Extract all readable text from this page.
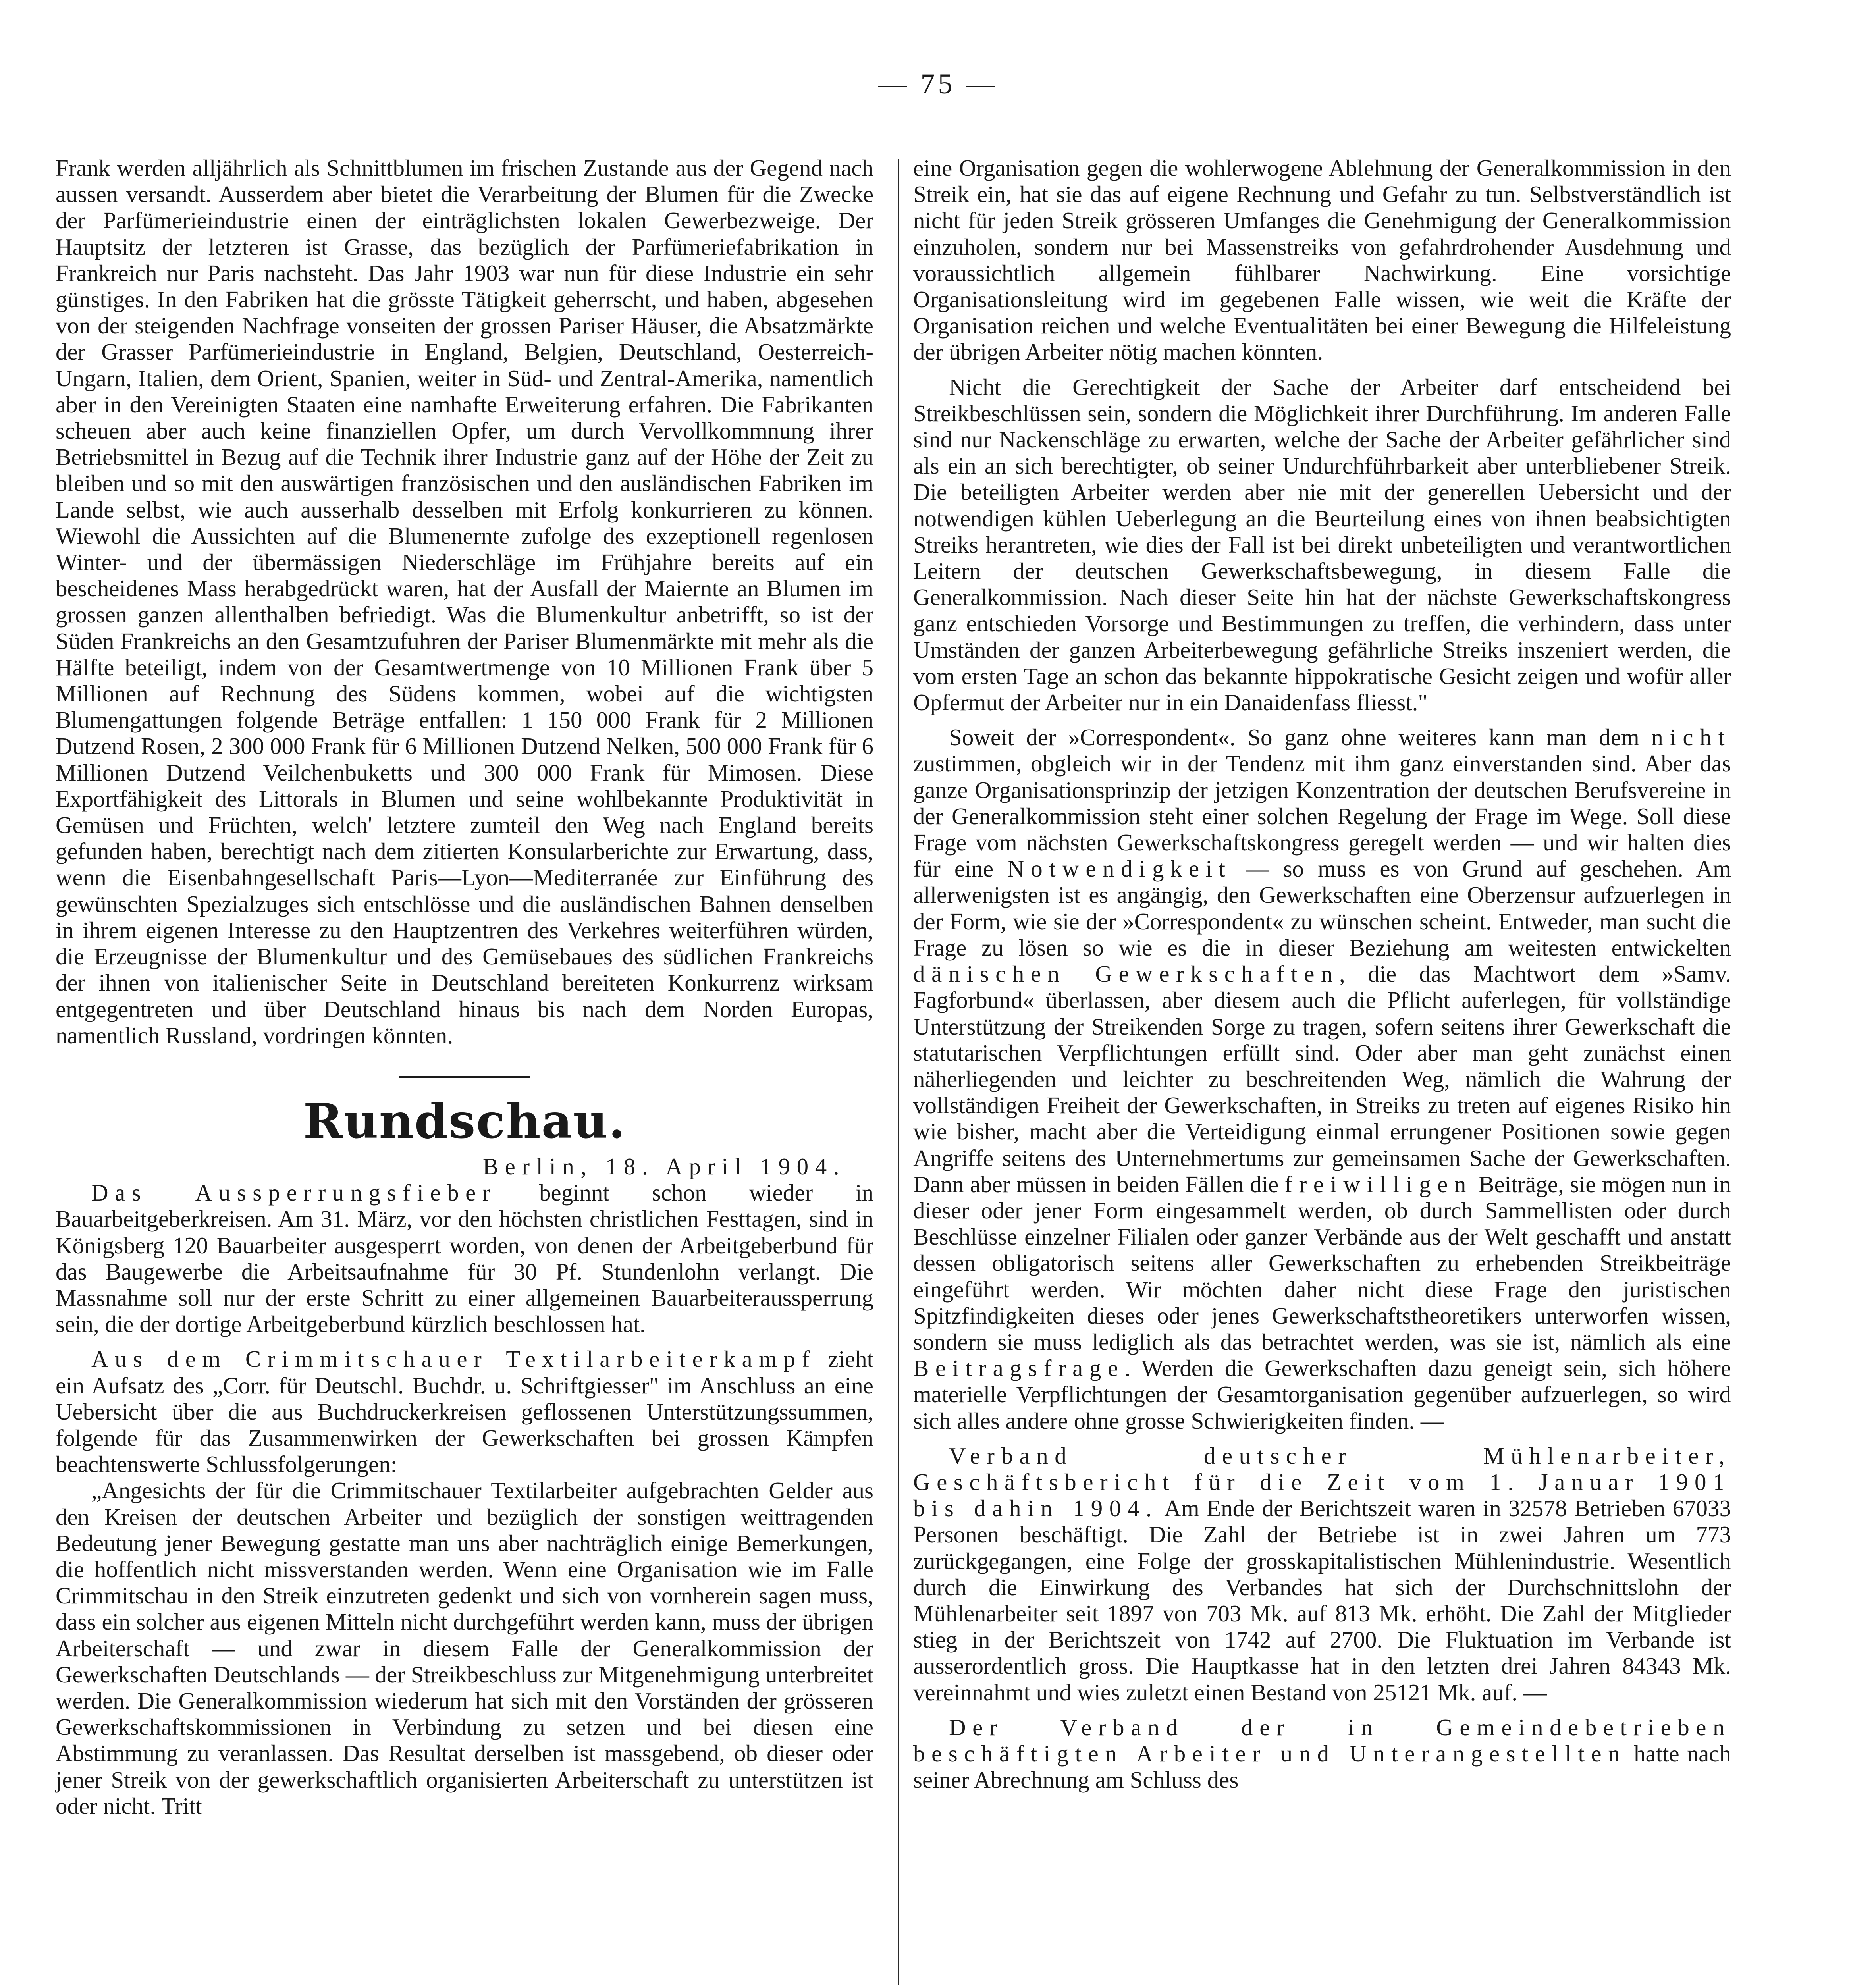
— 75 —

Frank werden alljährlich als Schnittblumen im frischen Zustande aus der Gegend nach aussen versandt. Ausserdem aber bietet die Verarbeitung der Blumen für die Zwecke der Parfümerieindustrie einen der einträglichsten lokalen Gewerbezweige. Der Hauptsitz der letzteren ist Grasse, das bezüglich der Parfümeriefabrikation in Frankreich nur Paris nachsteht. Das Jahr 1903 war nun für diese Industrie ein sehr günstiges. In den Fabriken hat die grösste Tätigkeit geherrscht, und haben, abgesehen von der steigenden Nachfrage vonseiten der grossen Pariser Häuser, die Absatzmärkte der Grasser Parfümerieindustrie in England, Belgien, Deutschland, Oesterreich-Ungarn, Italien, dem Orient, Spanien, weiter in Süd- und Zentral-Amerika, namentlich aber in den Vereinigten Staaten eine namhafte Erweiterung erfahren. Die Fabrikanten scheuen aber auch keine finanziellen Opfer, um durch Vervollkommnung ihrer Betriebsmittel in Bezug auf die Technik ihrer Industrie ganz auf der Höhe der Zeit zu bleiben und so mit den auswärtigen französischen und den ausländischen Fabriken im Lande selbst, wie auch ausserhalb desselben mit Erfolg konkurrieren zu können. Wiewohl die Aussichten auf die Blumenernte zufolge des exzeptionell regenlosen Winter- und der übermässigen Niederschläge im Frühjahre bereits auf ein bescheidenes Mass herabgedrückt waren, hat der Ausfall der Maiernte an Blumen im grossen ganzen allenthalben befriedigt. Was die Blumenkultur anbetrifft, so ist der Süden Frankreichs an den Gesamtzufuhren der Pariser Blumenmärkte mit mehr als die Hälfte beteiligt, indem von der Gesamtwertmenge von 10 Millionen Frank über 5 Millionen auf Rechnung des Südens kommen, wobei auf die wichtigsten Blumengattungen folgende Beträge entfallen: 1 150 000 Frank für 2 Millionen Dutzend Rosen, 2 300 000 Frank für 6 Millionen Dutzend Nelken, 500 000 Frank für 6 Millionen Dutzend Veilchenbuketts und 300 000 Frank für Mimosen. Diese Exportfähigkeit des Littorals in Blumen und seine wohlbekannte Produktivität in Gemüsen und Früchten, welch' letztere zumteil den Weg nach England bereits gefunden haben, berechtigt nach dem zitierten Konsularberichte zur Erwartung, dass, wenn die Eisenbahngesellschaft Paris—Lyon—Mediterranée zur Einführung des gewünschten Spezialzuges sich entschlösse und die ausländischen Bahnen denselben in ihrem eigenen Interesse zu den Hauptzentren des Verkehres weiterführen würden, die Erzeugnisse der Blumenkultur und des Gemüsebaues des südlichen Frankreichs der ihnen von italienischer Seite in Deutschland bereiteten Konkurrenz wirksam entgegentreten und über Deutschland hinaus bis nach dem Norden Europas, namentlich Russland, vordringen könnten.

Rundschau.

Berlin, 18. April 1904.

Das Aussperrungsfieber beginnt schon wieder in Bauarbeitgeberkreisen. Am 31. März, vor den höchsten christlichen Festtagen, sind in Königsberg 120 Bauarbeiter ausgesperrt worden, von denen der Arbeitgeberbund für das Baugewerbe die Arbeitsaufnahme für 30 Pf. Stundenlohn verlangt. Die Massnahme soll nur der erste Schritt zu einer allgemeinen Bauarbeiteraussperrung sein, die der dortige Arbeitgeberbund kürzlich beschlossen hat.

Aus dem Crimmitschauer Textilarbeiterkampf zieht ein Aufsatz des „Corr. für Deutschl. Buchdr. u. Schriftgiesser" im Anschluss an eine Uebersicht über die aus Buchdruckerkreisen geflossenen Unterstützungssummen, folgende für das Zusammenwirken der Gewerkschaften bei grossen Kämpfen beachtenswerte Schlussfolgerungen:

„Angesichts der für die Crimmitschauer Textilarbeiter aufgebrachten Gelder aus den Kreisen der deutschen Arbeiter und bezüglich der sonstigen weittragenden Bedeutung jener Bewegung gestatte man uns aber nachträglich einige Bemerkungen, die hoffentlich nicht missverstanden werden. Wenn eine Organisation wie im Falle Crimmitschau in den Streik einzutreten gedenkt und sich von vornherein sagen muss, dass ein solcher aus eigenen Mitteln nicht durchgeführt werden kann, muss der übrigen Arbeiterschaft — und zwar in diesem Falle der Generalkommission der Gewerkschaften Deutschlands — der Streikbeschluss zur Mitgenehmigung unterbreitet werden. Die Generalkommission wiederum hat sich mit den Vorständen der grösseren Gewerkschaftskommissionen in Verbindung zu setzen und bei diesen eine Abstimmung zu veranlassen. Das Resultat derselben ist massgebend, ob dieser oder jener Streik von der gewerkschaftlich organisierten Arbeiterschaft zu unterstützen ist oder nicht. Tritt

eine Organisation gegen die wohlerwogene Ablehnung der Generalkommission in den Streik ein, hat sie das auf eigene Rechnung und Gefahr zu tun. Selbstverständlich ist nicht für jeden Streik grösseren Umfanges die Genehmigung der Generalkommission einzuholen, sondern nur bei Massenstreiks von gefahrdrohender Ausdehnung und voraussichtlich allgemein fühlbarer Nachwirkung. Eine vorsichtige Organisationsleitung wird im gegebenen Falle wissen, wie weit die Kräfte der Organisation reichen und welche Eventualitäten bei einer Bewegung die Hilfeleistung der übrigen Arbeiter nötig machen könnten.

Nicht die Gerechtigkeit der Sache der Arbeiter darf entscheidend bei Streikbeschlüssen sein, sondern die Möglichkeit ihrer Durchführung. Im anderen Falle sind nur Nackenschläge zu erwarten, welche der Sache der Arbeiter gefährlicher sind als ein an sich berechtigter, ob seiner Undurchführbarkeit aber unterbliebener Streik. Die beteiligten Arbeiter werden aber nie mit der generellen Uebersicht und der notwendigen kühlen Ueberlegung an die Beurteilung eines von ihnen beabsichtigten Streiks herantreten, wie dies der Fall ist bei direkt unbeteiligten und verantwortlichen Leitern der deutschen Gewerkschaftsbewegung, in diesem Falle die Generalkommission. Nach dieser Seite hin hat der nächste Gewerkschaftskongress ganz entschieden Vorsorge und Bestimmungen zu treffen, die verhindern, dass unter Umständen der ganzen Arbeiterbewegung gefährliche Streiks inszeniert werden, die vom ersten Tage an schon das bekannte hippokratische Gesicht zeigen und wofür aller Opfermut der Arbeiter nur in ein Danaidenfass fliesst."

Soweit der »Correspondent«. So ganz ohne weiteres kann man dem nicht zustimmen, obgleich wir in der Tendenz mit ihm ganz einverstanden sind. Aber das ganze Organisationsprinzip der jetzigen Konzentration der deutschen Berufsvereine in der Generalkommission steht einer solchen Regelung der Frage im Wege. Soll diese Frage vom nächsten Gewerkschaftskongress geregelt werden — und wir halten dies für eine Notwendigkeit — so muss es von Grund auf geschehen. Am allerwenigsten ist es angängig, den Gewerkschaften eine Oberzensur aufzuerlegen in der Form, wie sie der »Correspondent« zu wünschen scheint. Entweder, man sucht die Frage zu lösen so wie es die in dieser Beziehung am weitesten entwickelten dänischen Gewerkschaften, die das Machtwort dem »Samv. Fagforbund« überlassen, aber diesem auch die Pflicht auferlegen, für vollständige Unterstützung der Streikenden Sorge zu tragen, sofern seitens ihrer Gewerkschaft die statutarischen Verpflichtungen erfüllt sind. Oder aber man geht zunächst einen näherliegenden und leichter zu beschreitenden Weg, nämlich die Wahrung der vollständigen Freiheit der Gewerkschaften, in Streiks zu treten auf eigenes Risiko hin wie bisher, macht aber die Verteidigung einmal errungener Positionen sowie gegen Angriffe seitens des Unternehmertums zur gemeinsamen Sache der Gewerkschaften. Dann aber müssen in beiden Fällen die freiwilligen Beiträge, sie mögen nun in dieser oder jener Form eingesammelt werden, ob durch Sammellisten oder durch Beschlüsse einzelner Filialen oder ganzer Verbände aus der Welt geschafft und anstatt dessen obligatorisch seitens aller Gewerkschaften zu erhebenden Streikbeiträge eingeführt werden. Wir möchten daher nicht diese Frage den juristischen Spitzfindigkeiten dieses oder jenes Gewerkschaftstheoretikers unterworfen wissen, sondern sie muss lediglich als das betrachtet werden, was sie ist, nämlich als eine Beitragsfrage. Werden die Gewerkschaften dazu geneigt sein, sich höhere materielle Verpflichtungen der Gesamtorganisation gegenüber aufzuerlegen, so wird sich alles andere ohne grosse Schwierigkeiten finden. —

Verband deutscher Mühlenarbeiter, Geschäftsbericht für die Zeit vom 1. Januar 1901 bis dahin 1904. Am Ende der Berichtszeit waren in 32578 Betrieben 67033 Personen beschäftigt. Die Zahl der Betriebe ist in zwei Jahren um 773 zurückgegangen, eine Folge der grosskapitalistischen Mühlenindustrie. Wesentlich durch die Einwirkung des Verbandes hat sich der Durchschnittslohn der Mühlenarbeiter seit 1897 von 703 Mk. auf 813 Mk. erhöht. Die Zahl der Mitglieder stieg in der Berichtszeit von 1742 auf 2700. Die Fluktuation im Verbande ist ausserordentlich gross. Die Hauptkasse hat in den letzten drei Jahren 84343 Mk. vereinnahmt und wies zuletzt einen Bestand von 25121 Mk. auf. —

Der Verband der in Gemeindebetrieben beschäftigten Arbeiter und Unterangestellten hatte nach seiner Abrechnung am Schluss des
